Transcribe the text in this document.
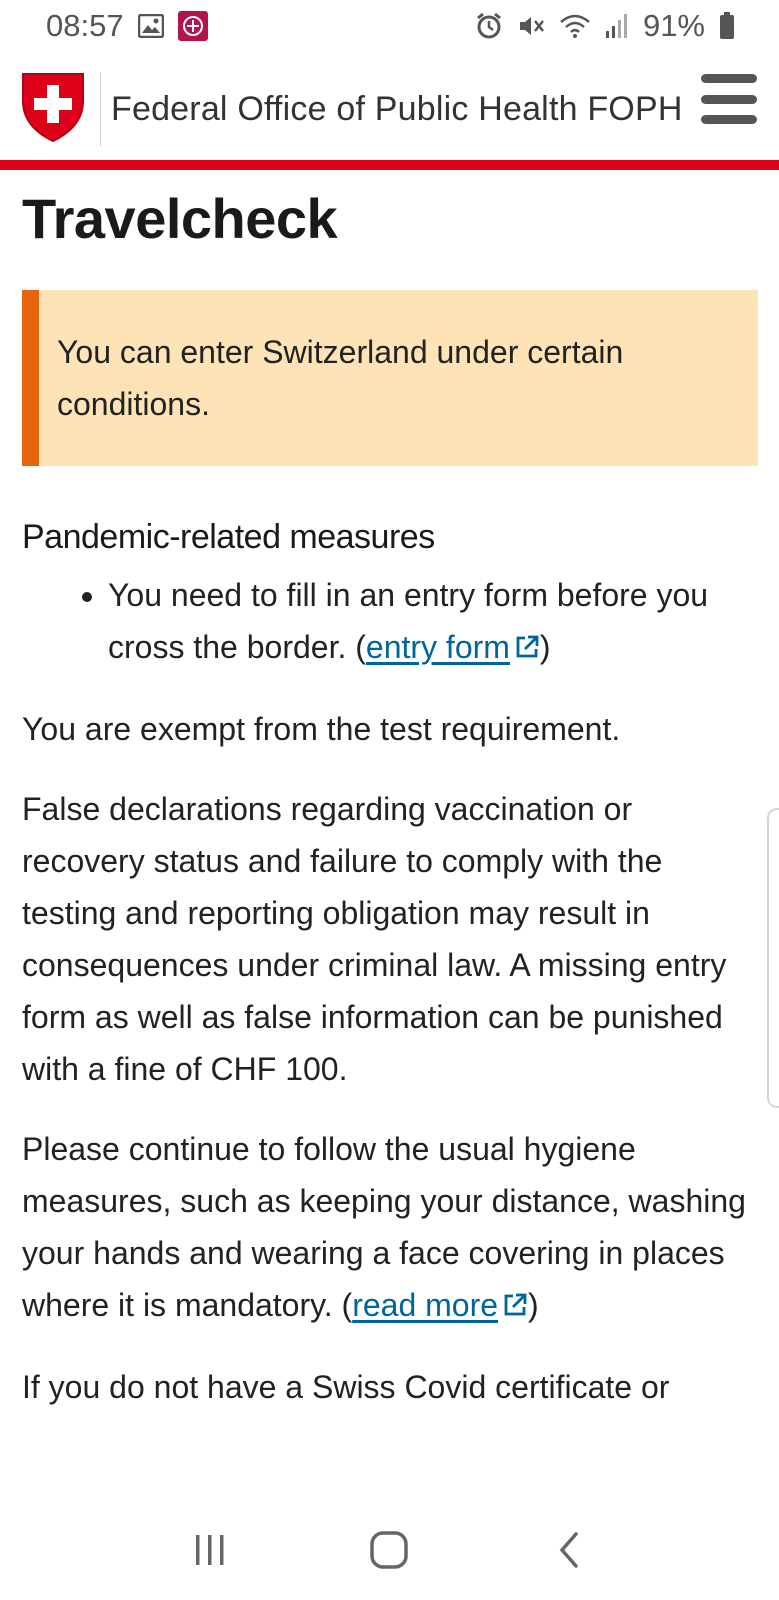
08:57	91%
Federal Office of Public Health FOPH
Travelcheck
You can enter Switzerland under certain conditions.
Pandemic-related measures
• You need to fill in an entry form before you cross the border. (entry form )

You are exempt from the test requirement.

False declarations regarding vaccination or recovery status and failure to comply with the testing and reporting obligation may result in consequences under criminal law. A missing entry form as well as false information can be punished with a fine of CHF 100.

Please continue to follow the usual hygiene measures, such as keeping your distance, washing your hands and wearing a face covering in places where it is mandatory. (read more )

If you do not have a Swiss Covid certificate or
